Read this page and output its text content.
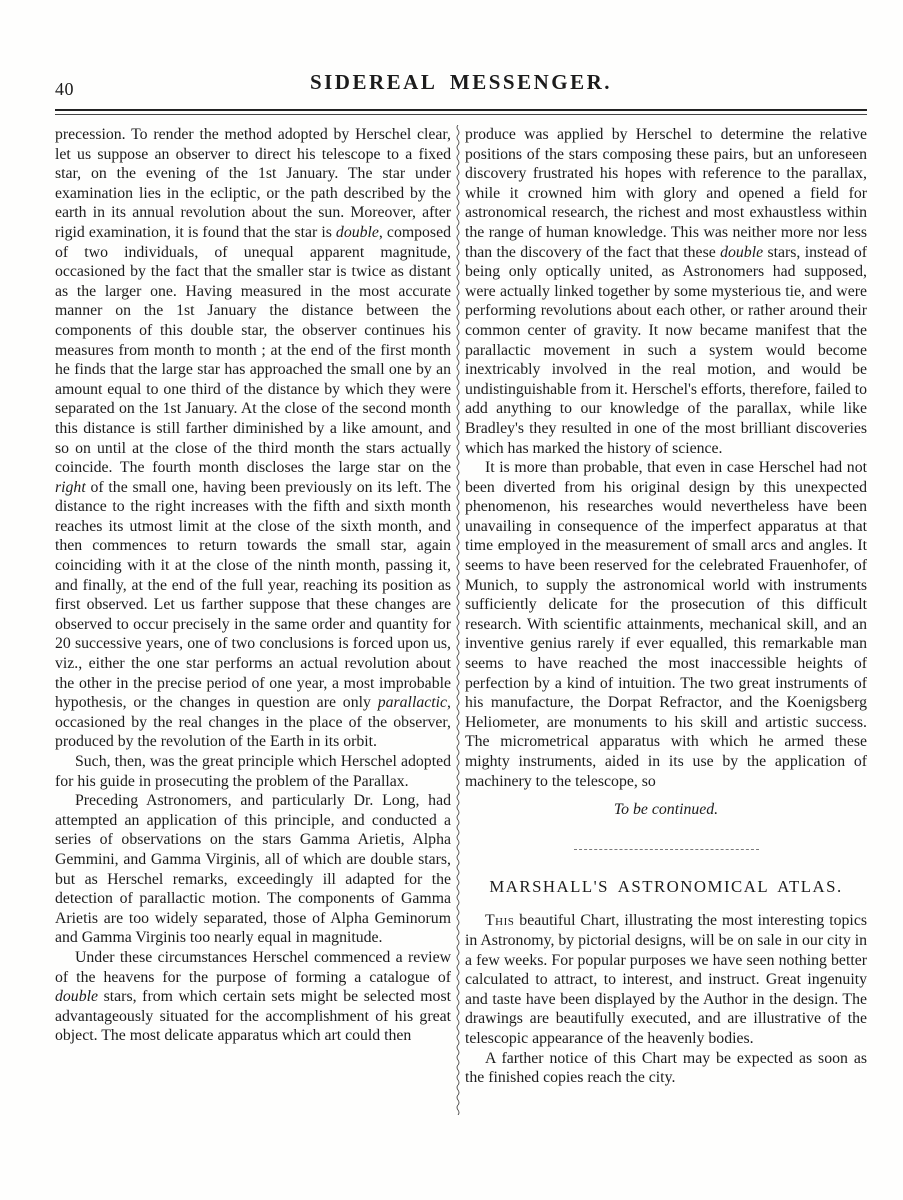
40	SIDEREAL MESSENGER.

precession. To render the method adopted by Herschel clear, let us suppose an observer to direct his telescope to a fixed star, on the evening of the 1st January. The star under examination lies in the ecliptic, or the path described by the earth in its annual revolution about the sun. Moreover, after rigid examination, it is found that the star is double, composed of two individuals, of unequal apparent magnitude, occasioned by the fact that the smaller star is twice as distant as the larger one. Having measured in the most accurate manner on the 1st January the distance between the components of this double star, the observer continues his measures from month to month ; at the end of the first month he finds that the large star has approached the small one by an amount equal to one third of the distance by which they were separated on the 1st January. At the close of the second month this distance is still farther diminished by a like amount, and so on until at the close of the third month the stars actually coincide. The fourth month discloses the large star on the right of the small one, having been previously on its left. The distance to the right increases with the fifth and sixth month reaches its utmost limit at the close of the sixth month, and then commences to return towards the small star, again coinciding with it at the close of the ninth month, passing it, and finally, at the end of the full year, reaching its position as first observed. Let us farther suppose that these changes are observed to occur precisely in the same order and quantity for 20 successive years, one of two conclusions is forced upon us, viz., either the one star performs an actual revolution about the other in the precise period of one year, a most improbable hypothesis, or the changes in question are only parallactic, occasioned by the real changes in the place of the observer, produced by the revolution of the Earth in its orbit.

Such, then, was the great principle which Herschel adopted for his guide in prosecuting the problem of the Parallax.

Preceding Astronomers, and particularly Dr. Long, had attempted an application of this principle, and conducted a series of observations on the stars Gamma Arietis, Alpha Gemmini, and Gamma Virginis, all of which are double stars, but as Herschel remarks, exceedingly ill adapted for the detection of parallactic motion. The components of Gamma Arietis are too widely separated, those of Alpha Geminorum and Gamma Virginis too nearly equal in magnitude.

Under these circumstances Herschel commenced a review of the heavens for the purpose of forming a catalogue of double stars, from which certain sets might be selected most advantageously situated for the accomplishment of his great object. The most delicate apparatus which art could then

produce was applied by Herschel to determine the relative positions of the stars composing these pairs, but an unforeseen discovery frustrated his hopes with reference to the parallax, while it crowned him with glory and opened a field for astronomical research, the richest and most exhaustless within the range of human knowledge. This was neither more nor less than the discovery of the fact that these double stars, instead of being only optically united, as Astronomers had supposed, were actually linked together by some mysterious tie, and were performing revolutions about each other, or rather around their common center of gravity. It now became manifest that the parallactic movement in such a system would become inextricably involved in the real motion, and would be undistinguishable from it. Herschel's efforts, therefore, failed to add anything to our knowledge of the parallax, while like Bradley's they resulted in one of the most brilliant discoveries which has marked the history of science.

It is more than probable, that even in case Herschel had not been diverted from his original design by this unexpected phenomenon, his researches would nevertheless have been unavailing in consequence of the imperfect apparatus at that time employed in the measurement of small arcs and angles. It seems to have been reserved for the celebrated Frauenhofer, of Munich, to supply the astronomical world with instruments sufficiently delicate for the prosecution of this difficult research. With scientific attainments, mechanical skill, and an inventive genius rarely if ever equalled, this remarkable man seems to have reached the most inaccessible heights of perfection by a kind of intuition. The two great instruments of his manufacture, the Dorpat Refractor, and the Koenigsberg Heliometer, are monuments to his skill and artistic success. The micrometrical apparatus with which he armed these mighty instruments, aided in its use by the application of machinery to the telescope, so

To be continued.

MARSHALL'S ASTRONOMICAL ATLAS.

This beautiful Chart, illustrating the most interesting topics in Astronomy, by pictorial designs, will be on sale in our city in a few weeks. For popular purposes we have seen nothing better calculated to attract, to interest, and instruct. Great ingenuity and taste have been displayed by the Author in the design. The drawings are beautifully executed, and are illustrative of the telescopic appearance of the heavenly bodies.

A farther notice of this Chart may be expected as soon as the finished copies reach the city.
